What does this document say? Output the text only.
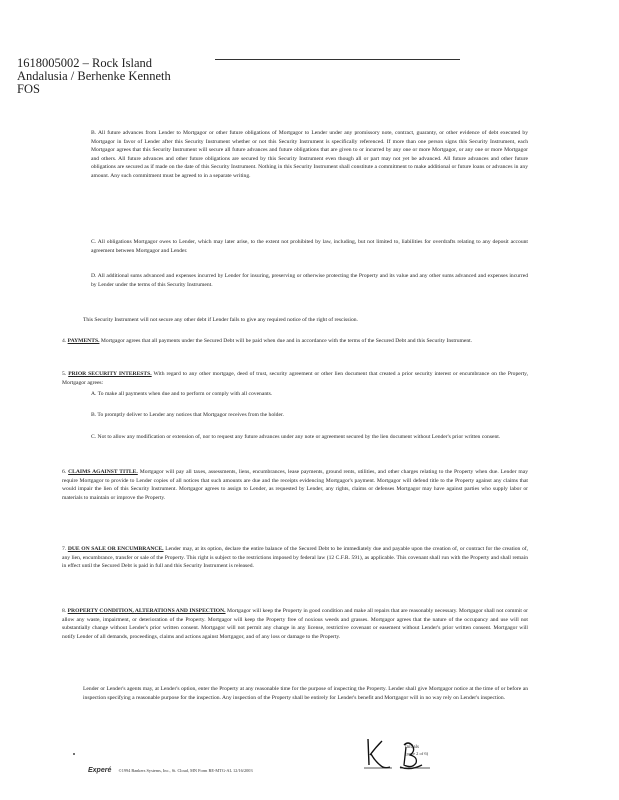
1618005002 – Rock Island
Andalusia / Berhenke Kenneth
FOS

B. All future advances from Lender to Mortgagor or other future obligations of Mortgagor to Lender under any promissory note, contract, guaranty, or other evidence of debt executed by Mortgagor in favor of Lender after this Security Instrument whether or not this Security Instrument is specifically referenced. If more than one person signs this Security Instrument, each Mortgagor agrees that this Security Instrument will secure all future advances and future obligations that are given to or incurred by any one or more Mortgagor, or any one or more Mortgagor and others. All future advances and other future obligations are secured by this Security Instrument even though all or part may not yet be advanced. All future advances and other future obligations are secured as if made on the date of this Security Instrument. Nothing in this Security Instrument shall constitute a commitment to make additional or future loans or advances in any amount. Any such commitment must be agreed to in a separate writing.

C. All obligations Mortgagor owes to Lender, which may later arise, to the extent not prohibited by law, including, but not limited to, liabilities for overdrafts relating to any deposit account agreement between Mortgagor and Lender.

D. All additional sums advanced and expenses incurred by Lender for insuring, preserving or otherwise protecting the Property and its value and any other sums advanced and expenses incurred by Lender under the terms of this Security Instrument.

This Security Instrument will not secure any other debt if Lender fails to give any required notice of the right of rescission.

4. PAYMENTS. Mortgagor agrees that all payments under the Secured Debt will be paid when due and in accordance with the terms of the Secured Debt and this Security Instrument.

5. PRIOR SECURITY INTERESTS. With regard to any other mortgage, deed of trust, security agreement or other lien document that created a prior security interest or encumbrance on the Property, Mortgagor agrees:

A. To make all payments when due and to perform or comply with all covenants.

B. To promptly deliver to Lender any notices that Mortgagor receives from the holder.

C. Not to allow any modification or extension of, nor to request any future advances under any note or agreement secured by the lien document without Lender's prior written consent.

6. CLAIMS AGAINST TITLE. Mortgagor will pay all taxes, assessments, liens, encumbrances, lease payments, ground rents, utilities, and other charges relating to the Property when due. Lender may require Mortgagor to provide to Lender copies of all notices that such amounts are due and the receipts evidencing Mortgagor's payment. Mortgagor will defend title to the Property against any claims that would impair the lien of this Security Instrument. Mortgagor agrees to assign to Lender, as requested by Lender, any rights, claims or defenses Mortgagor may have against parties who supply labor or materials to maintain or improve the Property.

7. DUE ON SALE OR ENCUMBRANCE. Lender may, at its option, declare the entire balance of the Secured Debt to be immediately due and payable upon the creation of, or contract for the creation of, any lien, encumbrance, transfer or sale of the Property. This right is subject to the restrictions imposed by federal law (12 C.F.R. 591), as applicable. This covenant shall run with the Property and shall remain in effect until the Secured Debt is paid in full and this Security Instrument is released.

8. PROPERTY CONDITION, ALTERATIONS AND INSPECTION. Mortgagor will keep the Property in good condition and make all repairs that are reasonably necessary. Mortgagor shall not commit or allow any waste, impairment, or deterioration of the Property. Mortgagor will keep the Property free of noxious weeds and grasses. Mortgagor agrees that the nature of the occupancy and use will not substantially change without Lender's prior written consent. Mortgagor will not permit any change in any license, restrictive covenant or easement without Lender's prior written consent. Mortgagor will notify Lender of all demands, proceedings, claims and actions against Mortgagor, and of any loss or damage to the Property.

Lender or Lender's agents may, at Lender's option, enter the Property at any reasonable time for the purpose of inspecting the Property. Lender shall give Mortgagor notice at the time of or before an inspection specifying a reasonable purpose for the inspection. Any inspection of the Property shall be entirely for Lender's benefit and Mortgagor will in no way rely on Lender's inspection.

Experé ©1994 Bankers Systems, Inc., St. Cloud, MN Form RE-MTG-AL 12/16/2003
Initials
(page 2 of 6)
